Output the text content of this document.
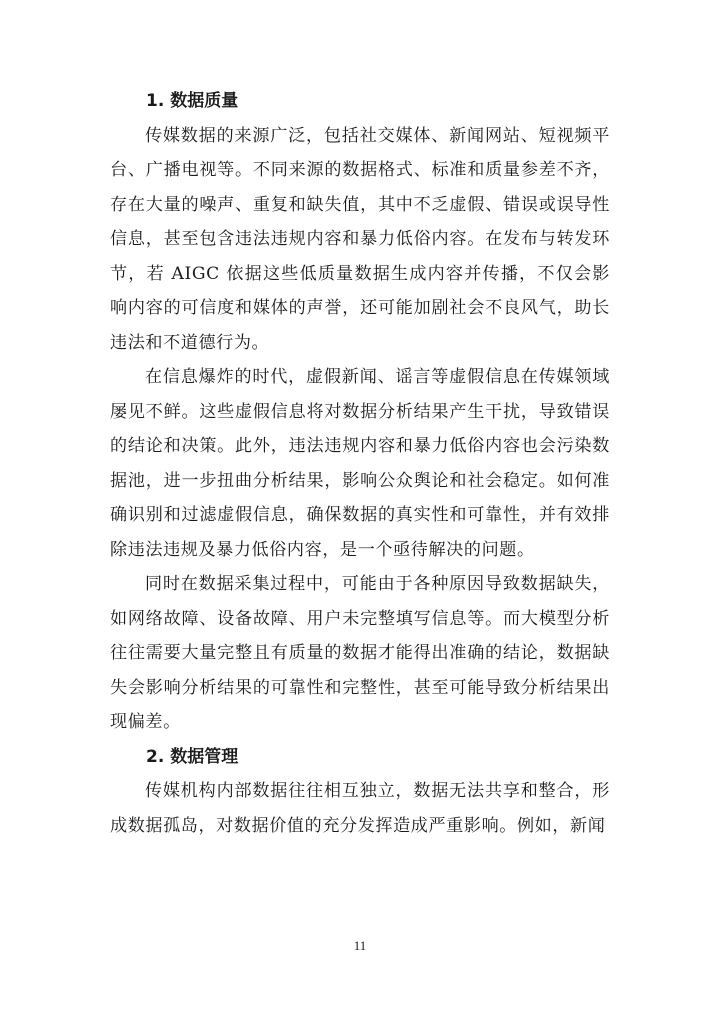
1. 数据质量

传媒数据的来源广泛，包括社交媒体、新闻网站、短视频平台、广播电视等。不同来源的数据格式、标准和质量参差不齐，存在大量的噪声、重复和缺失值，其中不乏虚假、错误或误导性信息，甚至包含违法违规内容和暴力低俗内容。在发布与转发环节，若 AIGC 依据这些低质量数据生成内容并传播，不仅会影响内容的可信度和媒体的声誉，还可能加剧社会不良风气，助长违法和不道德行为。

在信息爆炸的时代，虚假新闻、谣言等虚假信息在传媒领域屡见不鲜。这些虚假信息将对数据分析结果产生干扰，导致错误的结论和决策。此外，违法违规内容和暴力低俗内容也会污染数据池，进一步扭曲分析结果，影响公众舆论和社会稳定。如何准确识别和过滤虚假信息，确保数据的真实性和可靠性，并有效排除违法违规及暴力低俗内容，是一个亟待解决的问题。

同时在数据采集过程中，可能由于各种原因导致数据缺失，如网络故障、设备故障、用户未完整填写信息等。而大模型分析往往需要大量完整且有质量的数据才能得出准确的结论，数据缺失会影响分析结果的可靠性和完整性，甚至可能导致分析结果出现偏差。

2. 数据管理

传媒机构内部数据往往相互独立，数据无法共享和整合，形成数据孤岛，对数据价值的充分发挥造成严重影响。例如，新闻

11
